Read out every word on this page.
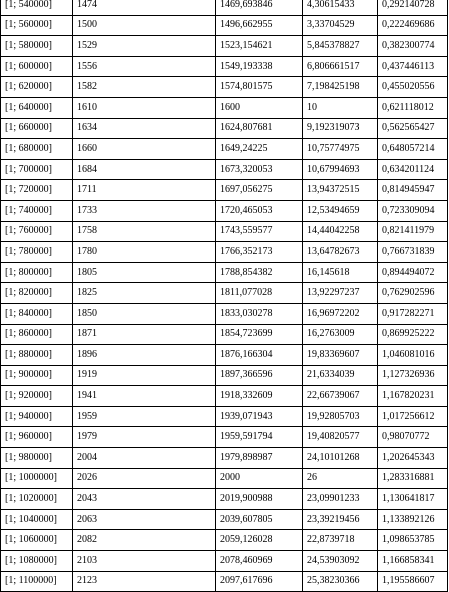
[1; 540000]	1474	1469,693846	4,30615433	0,292140728
[1; 560000]	1500	1496,662955	3,33704529	0,222469686
[1; 580000]	1529	1523,154621	5,845378827	0,382300774
[1; 600000]	1556	1549,193338	6,806661517	0,437446113
[1; 620000]	1582	1574,801575	7,198425198	0,455020556
[1; 640000]	1610	1600	10	0,621118012
[1; 660000]	1634	1624,807681	9,19231907З	0,562565427
[1; 680000]	1660	1649,24225	10,75774975	0,648057214
[1; 700000]	1684	1673,320053	10,67994693	0,634201124
[1; 720000]	1711	1697,056275	13,94372515	0,814945947
[1; 740000]	1733	1720,465053	12,53494659	0,723309094
[1; 760000]	1758	1743,559577	14,44042258	0,821411979
[1; 780000]	1780	1766,352173	13,64782673	0,766731839
[1; 800000]	1805	1788,854382	16,145618	0,894494072
[1; 820000]	1825	1811,077028	13,92297237	0,762902596
[1; 840000]	1850	1833,030278	16,96972202	0,917282271
[1; 860000]	1871	1854,723699	16,2763009	0,869925222
[1; 880000]	1896	1876,166304	19,83369607	1,046081016
[1; 900000]	1919	1897,366596	21,6334039	1,127326936
[1; 920000]	1941	1918,332609	22,66739067	1,167820231
[1; 940000]	1959	1939,071943	19,92805703	1,017256612
[1; 960000]	1979	1959,591794	19,40820577	0,98070772
[1; 980000]	2004	1979,898987	24,10101268	1,202645343
[1; 1000000]	2026	2000	26	1,283316881
[1; 1020000]	2043	2019,900988	23,09901233	1,130641817
[1; 1040000]	2063	2039,607805	23,39219456	1,133892126
[1; 1060000]	2082	2059,126028	22,8739718	1,098653785
[1; 1080000]	2103	2078,460969	24,53903092	1,166858341
[1; 1100000]	2123	2097,617696	25,38230366	1,195586607
